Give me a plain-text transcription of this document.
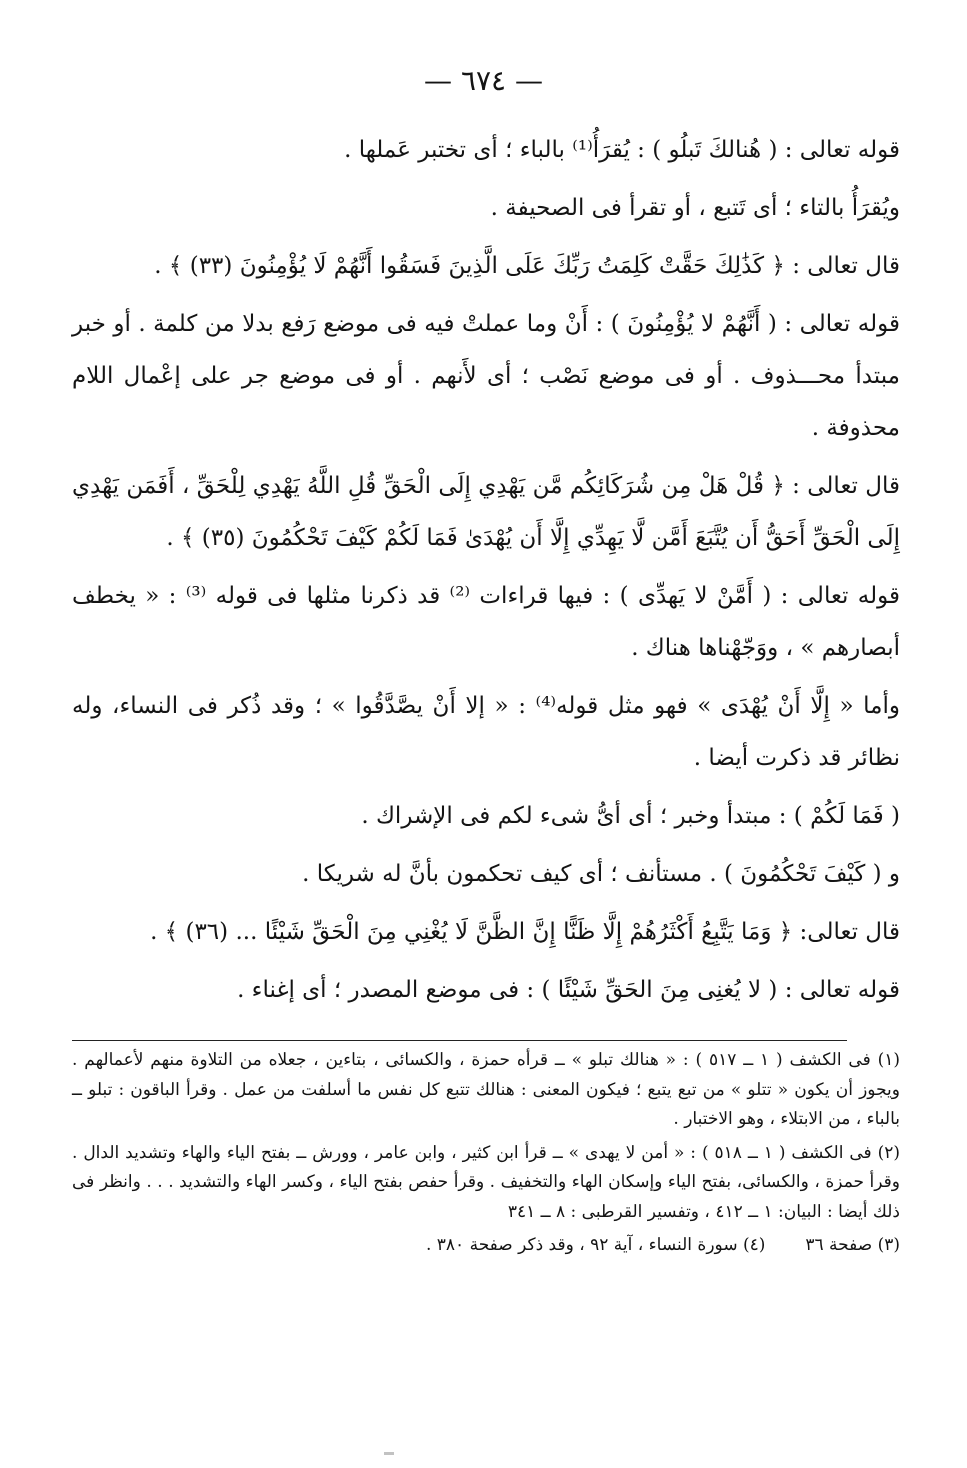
— ٦٧٤ —

قوله تعالى : ( هُنالكَ تَبلُو ) : يُقرَأُ⁽¹⁾ بالباء ؛ أى تختبر عَملها .

ويُقرَأُ بالتاء ؛ أى تَتبع ، أو تقرأ فى الصحيفة .

قال تعالى : ﴿ كَذَٰلِكَ حَقَّتْ كَلِمَتُ رَبِّكَ عَلَى الَّذِينَ فَسَقُوا أَنَّهُمْ لَا يُؤْمِنُونَ (٣٣) ﴾ .

قوله تعالى : ( أَنَّهُمْ لا يُؤْمِنُونَ ) : أَنْ وما عملتْ فيه فى موضع رَفع بدلا من كلمة . أو خبر مبتدأ محـــذوف . أو فى موضع نَصْب ؛ أى لأَنهم . أو فى موضع جر على إعْمال اللام محذوفة .

قال تعالى : ﴿ قُلْ هَلْ مِن شُرَكَائِكُم مَّن يَهْدِي إِلَى الْحَقِّ قُلِ اللَّهُ يَهْدِي لِلْحَقِّ ، أَفَمَن يَهْدِي إِلَى الْحَقِّ أَحَقُّ أَن يُتَّبَعَ أَمَّن لَّا يَهِدِّي إِلَّا أَن يُهْدَىٰ فَمَا لَكُمْ كَيْفَ تَحْكُمُونَ (٣٥) ﴾ .

قوله تعالى : ( أَمَّنْ لا يَهدِّى ) : فيها قراءات ⁽²⁾ قد ذكرنا مثلها فى قوله ⁽³⁾ : « يخطف أبصارهم » ، ووَجّهْناها هناك .

وأما « إِلَّا أَنْ يُهْدَى » فهو مثل قوله⁽⁴⁾ : « إلا أَنْ يصَّدَّقُوا » ؛ وقد ذُكر فى النساء، وله نظائر قد ذكرت أيضا .

( فَمَا لَكُمْ ) : مبتدأ وخبر ؛ أى أىُّ شىء لكم فى الإشراك .

و ( كَيْفَ تَحْكُمُونَ ) . مستأنف ؛ أى كيف تحكمون بأنَّ له شريكا .

قال تعالى: ﴿ وَمَا يَتَّبِعُ أَكْثَرُهُمْ إِلَّا ظَنًّا إِنَّ الظَّنَّ لَا يُغْنِي مِنَ الْحَقِّ شَيْئًا ... (٣٦) ﴾ .

قوله تعالى : ( لا يُغنِى مِنَ الحَقِّ شَيْئًا ) : فى موضع المصدر ؛ أى إغناء .

(١) فى الكشف ( ١ ــ ٥١٧ ) : « هنالك تبلو » ــ قرأه حمزة ، والكسائى ، بتاءين ، جعلاه من التلاوة منهم لأعمالهم . ويجوز أن يكون « تتلو » من تبع يتبع ؛ فيكون المعنى : هنالك تتبع كل نفس ما أسلفت من عمل . وقرأ الباقون : تبلو ــ بالباء ، من الابتلاء ، وهو الاختبار .

(٢) فى الكشف ( ١ ــ ٥١٨ ) : « أمن لا يهدى » ــ قرأ ابن كثير ، وابن عامر ، وورش ــ بفتح الياء والهاء وتشديد الدال . وقرأ حمزة ، والكسائى، بفتح الياء وإسكان الهاء والتخفيف . وقرأ حفص بفتح الياء ، وكسر الهاء والتشديد . . . وانظر فى ذلك أيضا : البيان: ١ ــ ٤١٢ ، وتفسير القرطبى : ٨ ــ ٣٤١

(٣) صفحة ٣٦
(٤) سورة النساء ، آية ٩٢ ، وقد ذكر صفحة ٣٨٠ .
